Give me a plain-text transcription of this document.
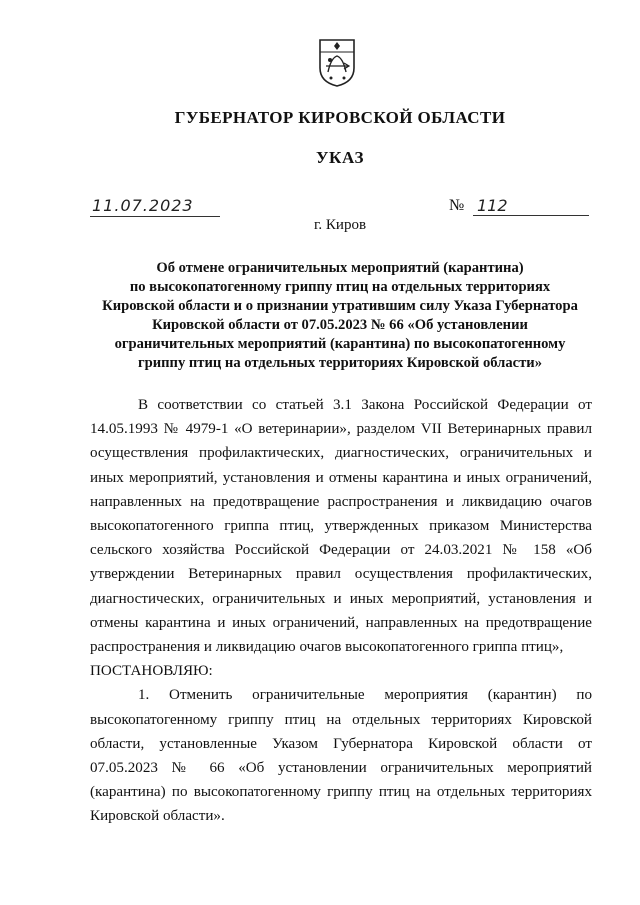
ГУБЕРНАТОР КИРОВСКОЙ ОБЛАСТИ
УКАЗ
11.07.2023	№ 112
г. Киров
Об отмене ограничительных мероприятий (карантина)
по высокопатогенному гриппу птиц на отдельных территориях
Кировской области и о признании утратившим силу Указа Губернатора
Кировской области от 07.05.2023 № 66 «Об установлении
ограничительных мероприятий (карантина) по высокопатогенному
гриппу птиц на отдельных территориях Кировской области»

В соответствии со статьей 3.1 Закона Российской Федерации от 14.05.1993 № 4979-1 «О ветеринарии», разделом VII Ветеринарных правил осуществления профилактических, диагностических, ограничительных и иных мероприятий, установления и отмены карантина и иных ограничений, направленных на предотвращение распространения и ликвидацию очагов высокопатогенного гриппа птиц, утвержденных приказом Министерства сельского хозяйства Российской Федерации от 24.03.2021 № 158 «Об утверждении Ветеринарных правил осуществления профилактических, диагностических, ограничительных и иных мероприятий, установления и отмены карантина и иных ограничений, направленных на предотвращение распространения и ликвидацию очагов высокопатогенного гриппа птиц»,

ПОСТАНОВЛЯЮ:

1. Отменить ограничительные мероприятия (карантин) по высокопатогенному гриппу птиц на отдельных территориях Кировской области, установленные Указом Губернатора Кировской области от 07.05.2023 № 66 «Об установлении ограничительных мероприятий (карантина) по высокопатогенному гриппу птиц на отдельных территориях Кировской области».
